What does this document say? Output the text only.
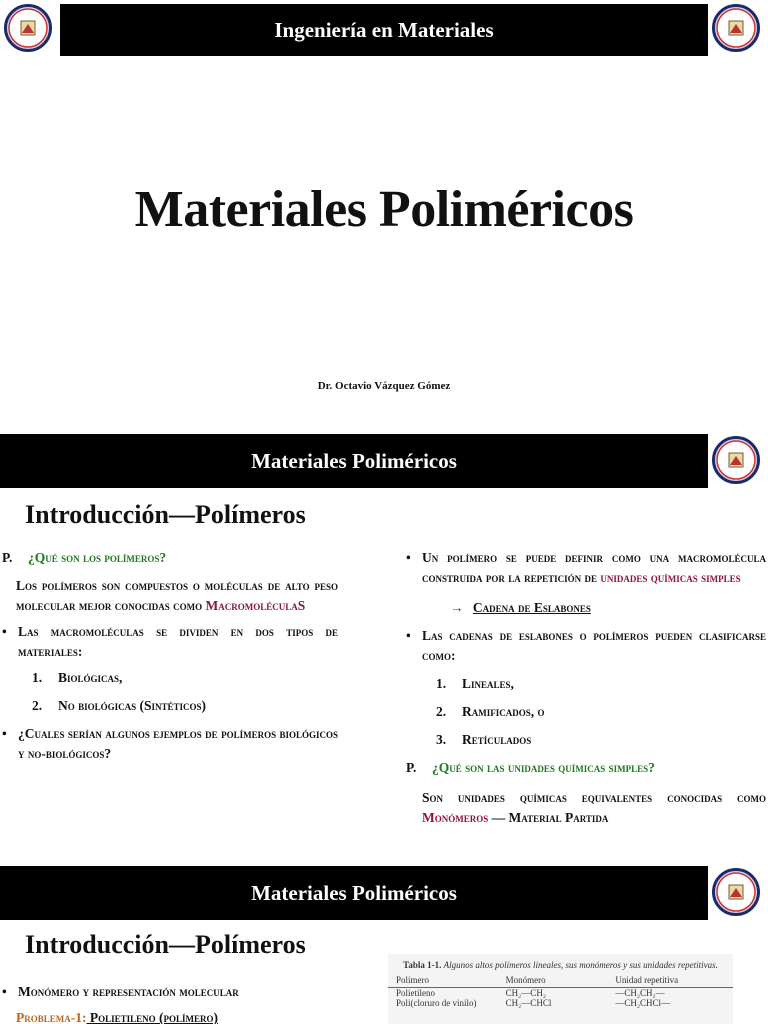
Ingeniería en Materiales
Materiales Poliméricos
Dr. Octavio Vázquez Gómez
Materiales Poliméricos
Introducción—Polímeros
P.	¿Qué son los polímeros?
Los polímeros son compuestos o moléculas de alto peso molecular mejor conocidas como MacromoléculaS
• Las macromoléculas se dividen en dos tipos de materiales:
1.	Biológicas,
2.	No biológicas (Sintéticos)
• ¿Cuales serían algunos ejemplos de polímeros biológicos y no-biológicos?
• Un polímero se puede definir como una macromolécula construida por la repetición de unidades químicas simples
→ Cadena de Eslabones
• Las cadenas de eslabones o polímeros pueden clasificarse como:
1.	Lineales,
2.	Ramificados, o
3.	Retículados
P.	¿Qué son las unidades químicas simples?
Son unidades químicas equivalentes conocidas como Monómeros — Material Partida
Materiales Poliméricos
Introducción—Polímeros
• Monómero y representación molecular
Problema-1: Polietileno (polímero)
Tabla 1-1. Algunos altos polímeros lineales, sus monómeros y sus unidades repetitivas.
Polímero	Monómero	Unidad repetitiva
Polietileno	CH₂—CH₂	—CH₂CH₂—
Poli(cloruro de vinilo)	CH₂—CHCl	—CH₂CHCl—
